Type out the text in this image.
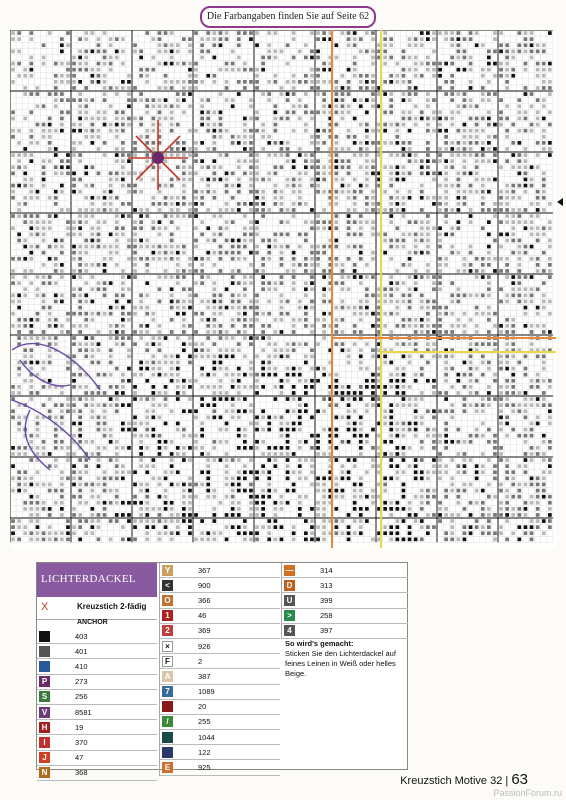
Die Farbangaben finden Sie auf Seite 62
LICHTERDACKEL
X	Kreuzstich 2-fädig
ANCHOR
403
401
410
P	273
S	256
V	8581
H	19
I	370
J	47
N	368
Y	367
<	900
O	366
1	46
2	369
×	926
F	2
A	387
7	1089
20
/	255
1044
122
E	925
—	314
D	313
U	399
>	258
4	397
So wird's gemacht:
Sticken Sie den Lichterdackel auf feines Leinen in Weiß oder helles Beige.
Kreuzstich Motive 32 | 63
PassionForum.ru
